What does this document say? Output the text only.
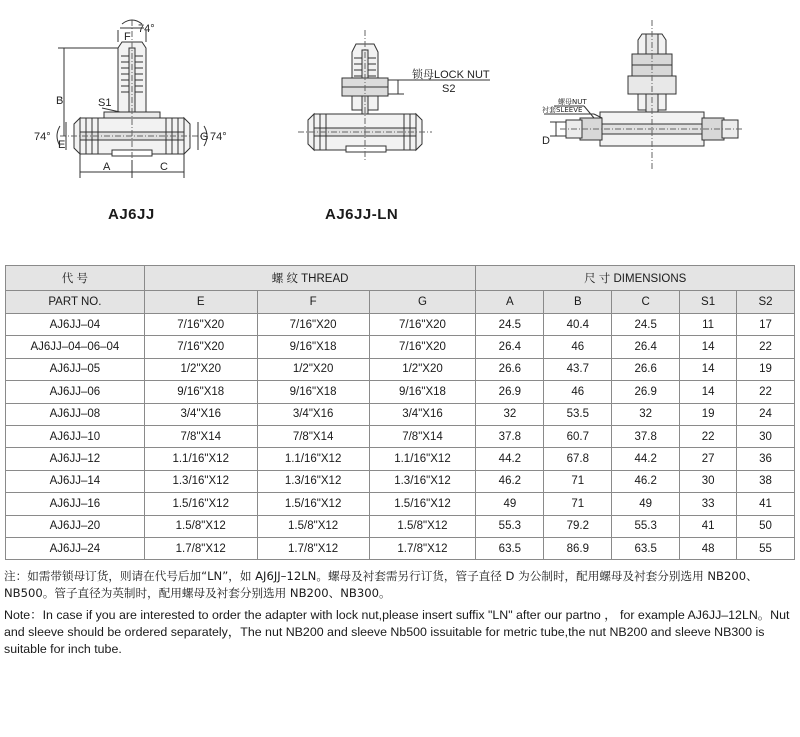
74°
F
B	S1
74°
E
G 74°
A	C
锁母LOCK NUT
S2
螺母NUT
衬套SLEEVE
D
AJ6JJ	AJ6JJ-LN
代 号	螺 纹 THREAD			尺 寸 DIMENSIONS				
PART NO.	E	F	G	A	B	C	S1	S2
AJ6JJ–04	7/16"X20	7/16"X20	7/16"X20	24.5	40.4	24.5	11	17
AJ6JJ–04–06–04	7/16"X20	9/16"X18	7/16"X20	26.4	46	26.4	14	22
AJ6JJ–05	1/2"X20	1/2"X20	1/2"X20	26.6	43.7	26.6	14	19
AJ6JJ–06	9/16"X18	9/16"X18	9/16"X18	26.9	46	26.9	14	22
AJ6JJ–08	3/4"X16	3/4"X16	3/4"X16	32	53.5	32	19	24
AJ6JJ–10	7/8"X14	7/8"X14	7/8"X14	37.8	60.7	37.8	22	30
AJ6JJ–12	1.1/16"X12	1.1/16"X12	1.1/16"X12	44.2	67.8	44.2	27	36
AJ6JJ–14	1.3/16"X12	1.3/16"X12	1.3/16"X12	46.2	71	46.2	30	38
AJ6JJ–16	1.5/16"X12	1.5/16"X12	1.5/16"X12	49	71	49	33	41
AJ6JJ–20	1.5/8"X12	1.5/8"X12	1.5/8"X12	55.3	79.2	55.3	41	50
AJ6JJ–24	1.7/8"X12	1.7/8"X12	1.7/8"X12	63.5	86.9	63.5	48	55
注：如需带锁母订货，则请在代号后加“LN”，如 AJ6JJ–12LN。螺母及衬套需另行订货，管子直径 D 为公制时，配用螺母及衬套分别选用 NB200、NB500。管子直径为英制时，配用螺母及衬套分别选用 NB200、NB300。
Note：In case if you are interested to order the adapter with lock nut,please insert suffix "LN" after our partno ， for example AJ6JJ–12LN。Nut and sleeve should be ordered separately，The nut NB200 and sleeve Nb500 issuitable for metric tube,the nut NB200 and sleeve NB300 is suitable for inch tube.
